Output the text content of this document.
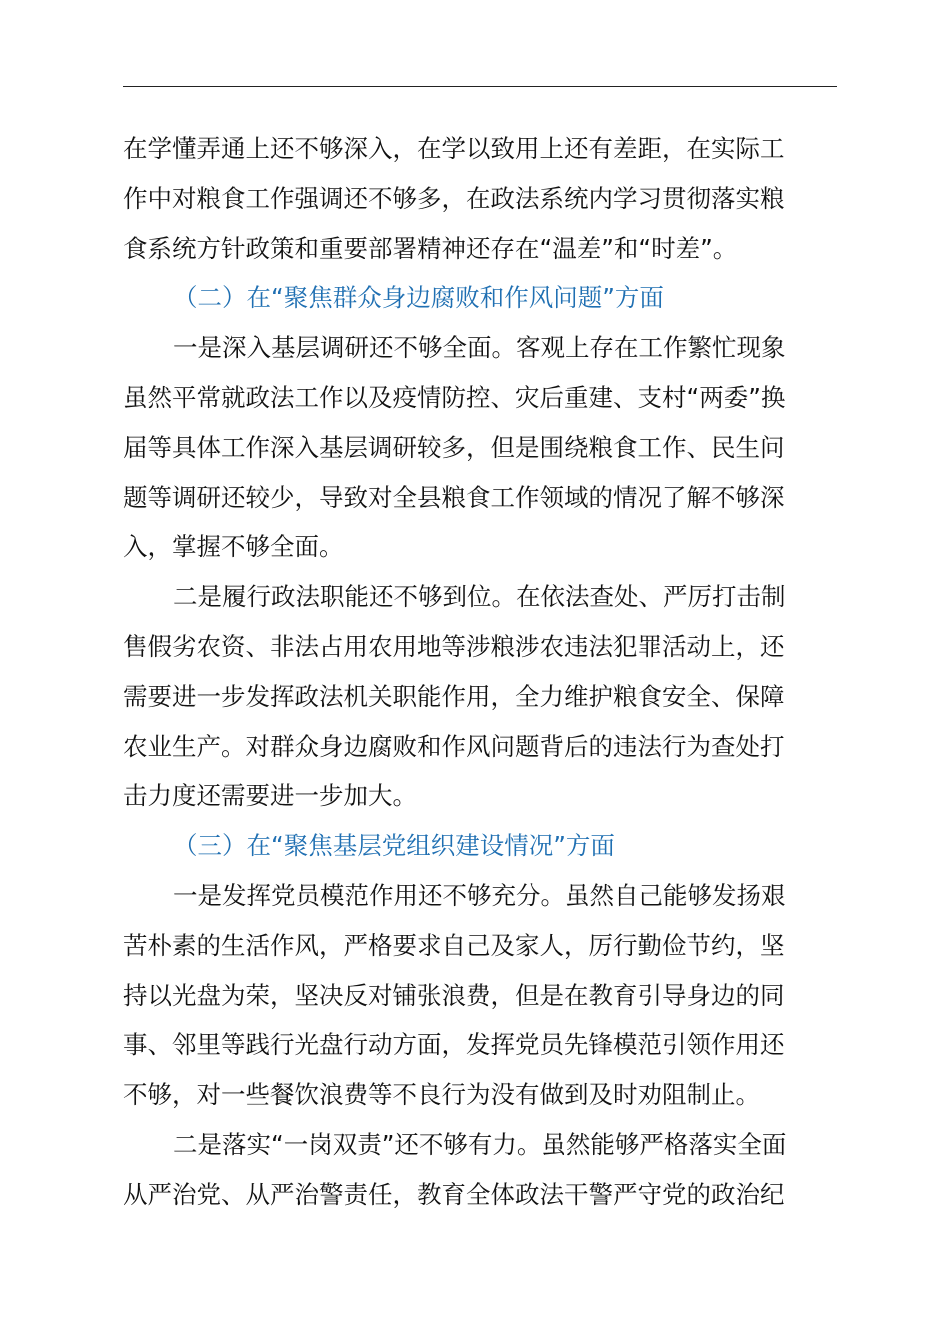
在学懂弄通上还不够深入，在学以致用上还有差距，在实际工
作中对粮食工作强调还不够多，在政法系统内学习贯彻落实粮
食系统方针政策和重要部署精神还存在“温差”和“时差”。
（二）在“聚焦群众身边腐败和作风问题”方面
一是深入基层调研还不够全面。客观上存在工作繁忙现象
虽然平常就政法工作以及疫情防控、灾后重建、支村“两委”换
届等具体工作深入基层调研较多，但是围绕粮食工作、民生问
题等调研还较少，导致对全县粮食工作领域的情况了解不够深
入，掌握不够全面。
二是履行政法职能还不够到位。在依法查处、严厉打击制
售假劣农资、非法占用农用地等涉粮涉农违法犯罪活动上，还
需要进一步发挥政法机关职能作用，全力维护粮食安全、保障
农业生产。对群众身边腐败和作风问题背后的违法行为查处打
击力度还需要进一步加大。
（三）在“聚焦基层党组织建设情况”方面
一是发挥党员模范作用还不够充分。虽然自己能够发扬艰
苦朴素的生活作风，严格要求自己及家人，厉行勤俭节约，坚
持以光盘为荣，坚决反对铺张浪费，但是在教育引导身边的同
事、邻里等践行光盘行动方面，发挥党员先锋模范引领作用还
不够，对一些餐饮浪费等不良行为没有做到及时劝阻制止。
二是落实“一岗双责”还不够有力。虽然能够严格落实全面
从严治党、从严治警责任，教育全体政法干警严守党的政治纪
